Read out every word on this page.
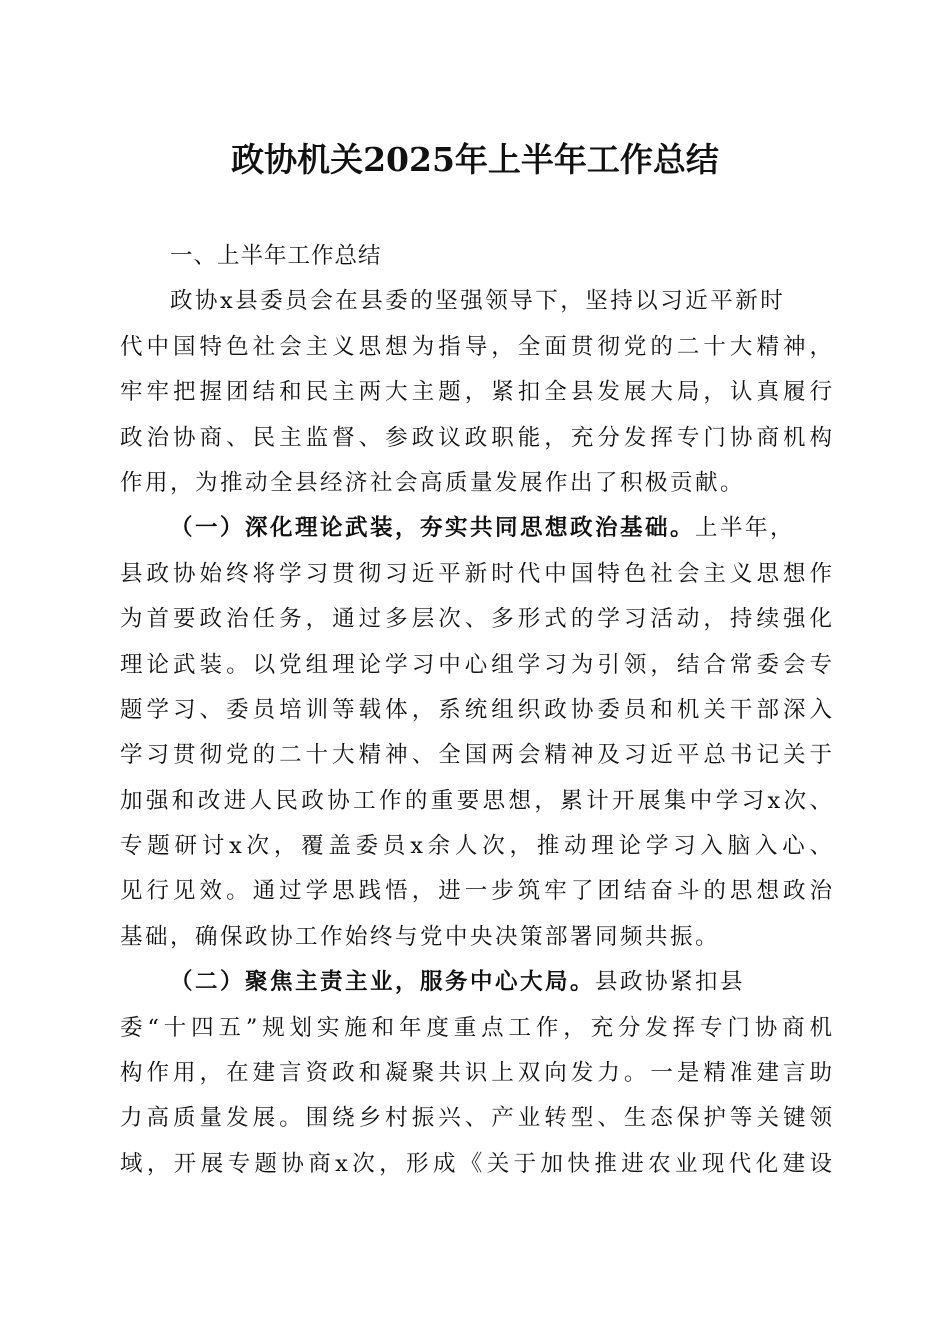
政协机关2025年上半年工作总结
一、上半年工作总结
政协x县委员会在县委的坚强领导下，坚持以习近平新时
代中国特色社会主义思想为指导，全面贯彻党的二十大精神，
牢牢把握团结和民主两大主题，紧扣全县发展大局，认真履行
政治协商、民主监督、参政议政职能，充分发挥专门协商机构
作用，为推动全县经济社会高质量发展作出了积极贡献。
（一）深化理论武装，夯实共同思想政治基础。上半年，
县政协始终将学习贯彻习近平新时代中国特色社会主义思想作
为首要政治任务，通过多层次、多形式的学习活动，持续强化
理论武装。以党组理论学习中心组学习为引领，结合常委会专
题学习、委员培训等载体，系统组织政协委员和机关干部深入
学习贯彻党的二十大精神、全国两会精神及习近平总书记关于
加强和改进人民政协工作的重要思想，累计开展集中学习x次、
专题研讨x次，覆盖委员x余人次，推动理论学习入脑入心、
见行见效。通过学思践悟，进一步筑牢了团结奋斗的思想政治
基础，确保政协工作始终与党中央决策部署同频共振。
（二）聚焦主责主业，服务中心大局。县政协紧扣县
委“十四五”规划实施和年度重点工作，充分发挥专门协商机
构作用，在建言资政和凝聚共识上双向发力。一是精准建言助
力高质量发展。围绕乡村振兴、产业转型、生态保护等关键领
域，开展专题协商x次，形成《关于加快推进农业现代化建设
